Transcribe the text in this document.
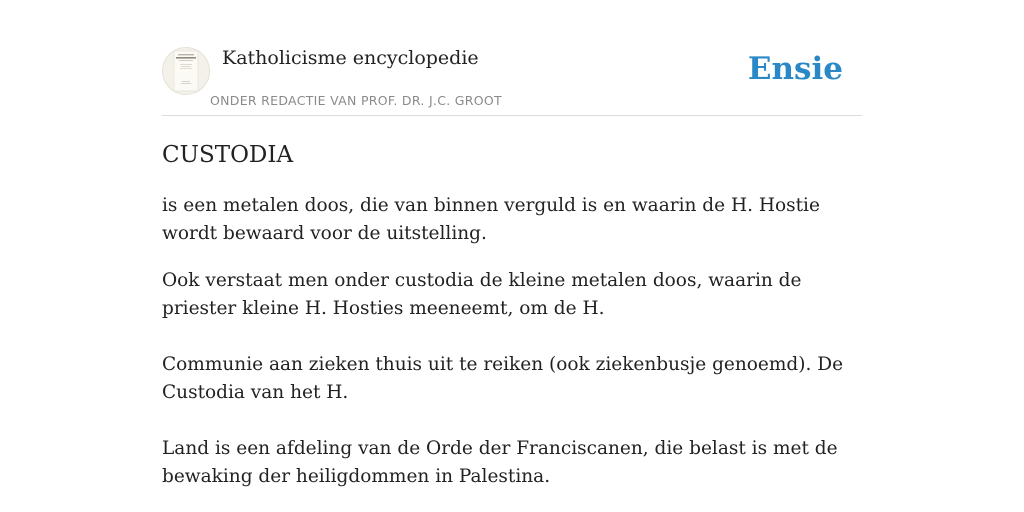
Katholicisme encyclopedie
ONDER REDACTIE VAN PROF. DR. J.C. GROOT
Ensie
CUSTODIA

is een metalen doos, die van binnen verguld is en waarin de H. Hostie wordt bewaard voor de uitstelling.

Ook verstaat men onder custodia de kleine metalen doos, waarin de priester kleine H. Hosties meeneemt, om de H.

Communie aan zieken thuis uit te reiken (ook ziekenbusje genoemd). De Custodia van het H.

Land is een afdeling van de Orde der Franciscanen, die belast is met de bewaking der heiligdommen in Palestina.
